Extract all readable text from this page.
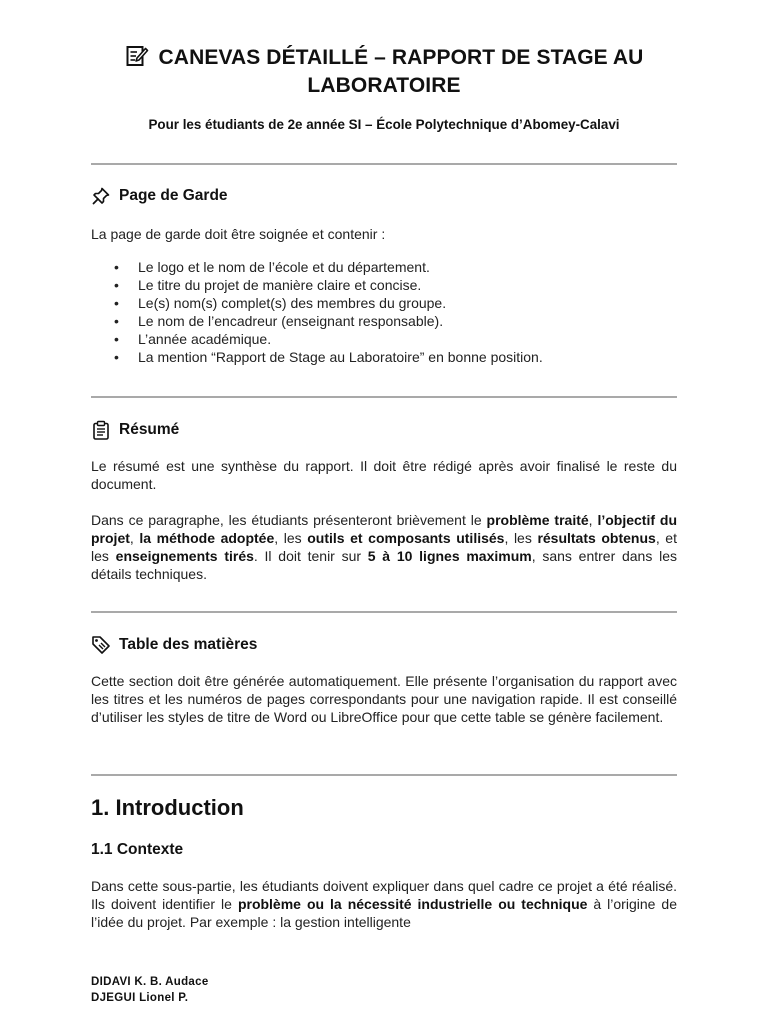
CANEVAS DÉTAILLÉ – RAPPORT DE STAGE AU
LABORATOIRE
Pour les étudiants de 2e année SI – École Polytechnique d’Abomey-Calavi
Page de Garde
La page de garde doit être soignée et contenir :
• Le logo et le nom de l’école et du département.
• Le titre du projet de manière claire et concise.
• Le(s) nom(s) complet(s) des membres du groupe.
• Le nom de l’encadreur (enseignant responsable).
• L’année académique.
• La mention “Rapport de Stage au Laboratoire” en bonne position.
Résumé
Le résumé est une synthèse du rapport. Il doit être rédigé après avoir finalisé le reste du document.
Dans ce paragraphe, les étudiants présenteront brièvement le problème traité, l’objectif du projet, la méthode adoptée, les outils et composants utilisés, les résultats obtenus, et les enseignements tirés. Il doit tenir sur 5 à 10 lignes maximum, sans entrer dans les détails techniques.
Table des matières
Cette section doit être générée automatiquement. Elle présente l’organisation du rapport avec les titres et les numéros de pages correspondants pour une navigation rapide. Il est conseillé d’utiliser les styles de titre de Word ou LibreOffice pour que cette table se génère facilement.
1. Introduction
1.1 Contexte
Dans cette sous-partie, les étudiants doivent expliquer dans quel cadre ce projet a été réalisé. Ils doivent identifier le problème ou la nécessité industrielle ou technique à l’origine de l’idée du projet. Par exemple : la gestion intelligente
DIDAVI K. B. Audace
DJEGUI Lionel P.
